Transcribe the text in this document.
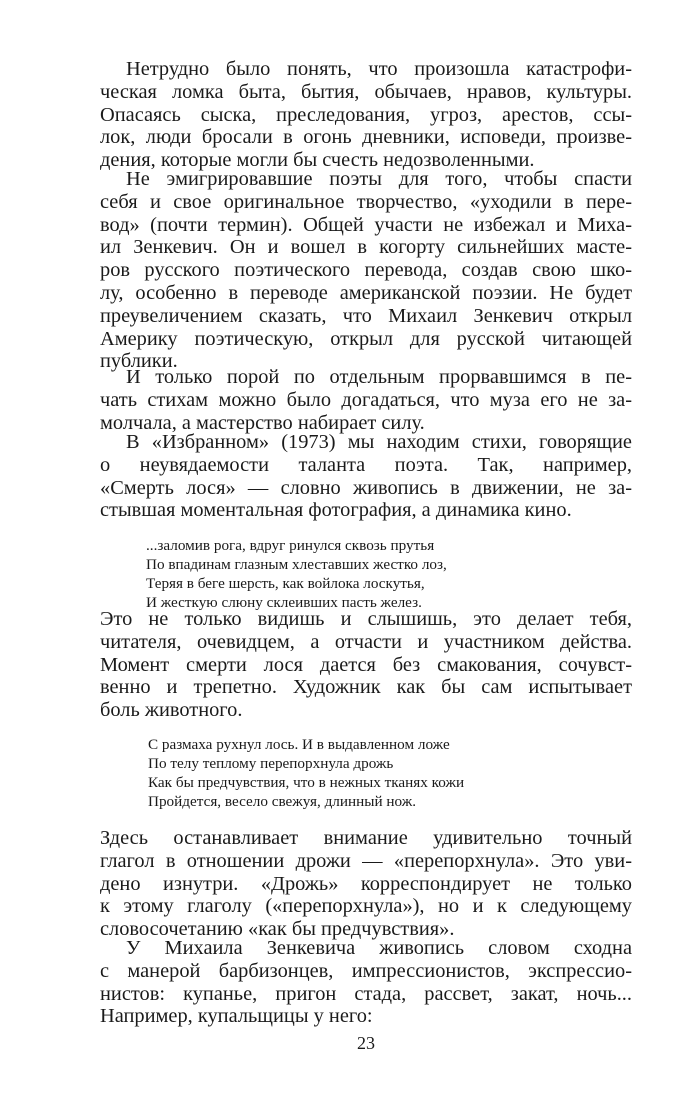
Нетрудно было понять, что произошла катастрофи-
ческая ломка быта, бытия, обычаев, нравов, культуры.
Опасаясь сыска, преследования, угроз, арестов, ссы-
лок, люди бросали в огонь дневники, исповеди, произве-
дения, которые могли бы счесть недозволенными.
Не эмигрировавшие поэты для того, чтобы спасти
себя и свое оригинальное творчество, «уходили в пере-
вод» (почти термин). Общей участи не избежал и Миха-
ил Зенкевич. Он и вошел в когорту сильнейших масте-
ров русского поэтического перевода, создав свою шко-
лу, особенно в переводе американской поэзии. Не будет
преувеличением сказать, что Михаил Зенкевич открыл
Америку поэтическую, открыл для русской читающей
публики.
И только порой по отдельным прорвавшимся в пе-
чать стихам можно было догадаться, что муза его не за-
молчала, а мастерство набирает силу.
В «Избранном» (1973) мы находим стихи, говорящие
о неувядаемости таланта поэта. Так, например,
«Смерть лося» — словно живопись в движении, не за-
стывшая моментальная фотография, а динамика кино.
...заломив рога, вдруг ринулся сквозь прутья
По впадинам глазным хлеставших жестко лоз,
Теряя в беге шерсть, как войлока лоскутья,
И жесткую слюну склеивших пасть желез.
Это не только видишь и слышишь, это делает тебя,
читателя, очевидцем, а отчасти и участником действа.
Момент смерти лося дается без смакования, сочувст-
венно и трепетно. Художник как бы сам испытывает
боль животного.
С размаха рухнул лось. И в выдавленном ложе
По телу теплому перепорхнула дрожь
Как бы предчувствия, что в нежных тканях кожи
Пройдется, весело свежуя, длинный нож.
Здесь останавливает внимание удивительно точный
глагол в отношении дрожи — «перепорхнула». Это уви-
дено изнутри. «Дрожь» корреспондирует не только
к этому глаголу («перепорхнула»), но и к следующему
словосочетанию «как бы предчувствия».
У Михаила Зенкевича живопись словом сходна
с манерой барбизонцев, импрессионистов, экспрессио-
нистов: купанье, пригон стада, рассвет, закат, ночь...
Например, купальщицы у него:
23
